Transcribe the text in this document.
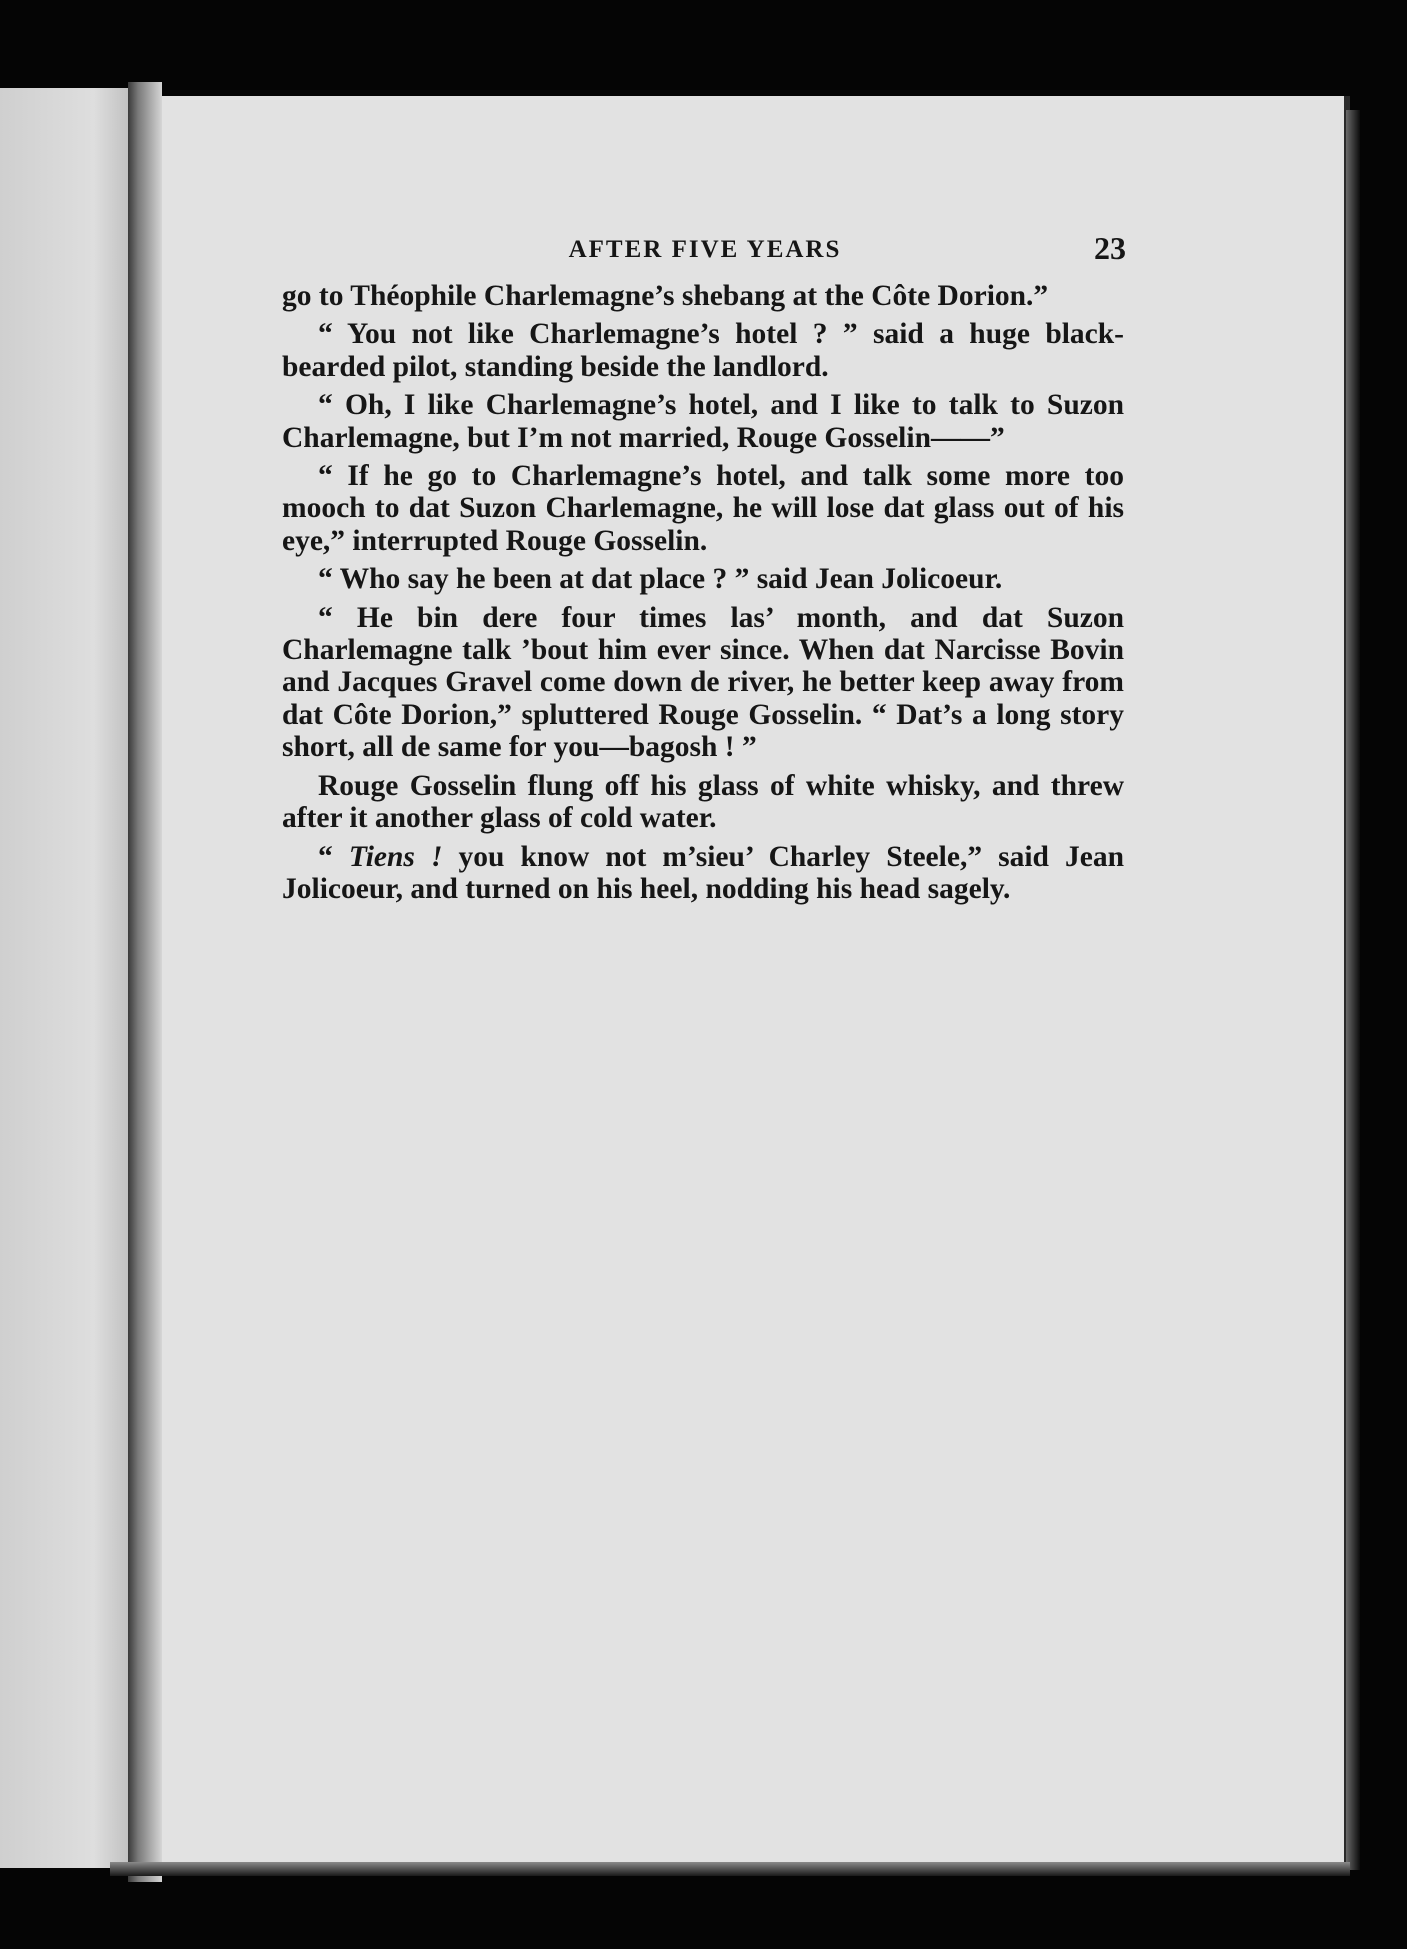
AFTER FIVE YEARS	23

go to Théophile Charlemagne’s shebang at the Côte Dorion.”

“ You not like Charlemagne’s hotel ? ” said a huge black-bearded pilot, standing beside the landlord.

“ Oh, I like Charlemagne’s hotel, and I like to talk to Suzon Charlemagne, but I’m not married, Rouge Gosselin——”

“ If he go to Charlemagne’s hotel, and talk some more too mooch to dat Suzon Charlemagne, he will lose dat glass out of his eye,” interrupted Rouge Gosselin.

“ Who say he been at dat place ? ” said Jean Jolicoeur.

“ He bin dere four times las’ month, and dat Suzon Charlemagne talk ’bout him ever since. When dat Narcisse Bovin and Jacques Gravel come down de river, he better keep away from dat Côte Dorion,” spluttered Rouge Gosselin. “ Dat’s a long story short, all de same for you—bagosh ! ”

Rouge Gosselin flung off his glass of white whisky, and threw after it another glass of cold water.

“ Tiens ! you know not m’sieu’ Charley Steele,” said Jean Jolicoeur, and turned on his heel, nodding his head sagely.
